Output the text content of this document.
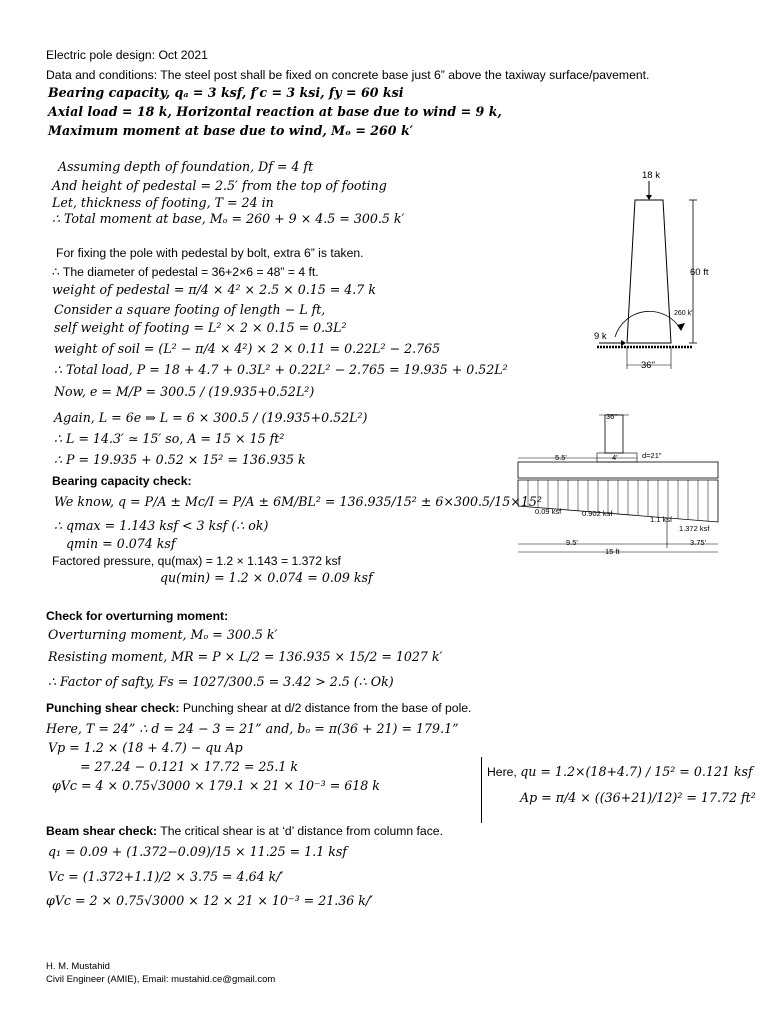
Electric pole design: Oct 2021
Data and conditions: The steel post shall be fixed on concrete base just 6” above the taxiway surface/pavement.
Bearing capacity, qₐ = 3 ksf, f′c = 3 ksi, fy = 60 ksi
Axial load = 18 k, Horizontal reaction at base due to wind = 9 k,
Maximum moment at base due to wind, Mₒ = 260 k′
Assuming depth of foundation, Df = 4 ft
And height of pedestal = 2.5′ from the top of footing
Let, thickness of footing, T = 24 in
∴ Total moment at base, Mₒ = 260 + 9 × 4.5 = 300.5 k′
For fixing the pole with pedestal by bolt, extra 6” is taken.
∴ The diameter of pedestal = 36+2×6 = 48” = 4 ft.
weight of pedestal = π/4 × 4² × 2.5 × 0.15 = 4.7 k
Consider a square footing of length − L ft,
self weight of footing = L² × 2 × 0.15 = 0.3L²
weight of soil = (L² − π/4 × 4²) × 2 × 0.11 = 0.22L² − 2.765
∴ Total load, P = 18 + 4.7 + 0.3L² + 0.22L² − 2.765 = 19.935 + 0.52L²
Now, e = M/P = 300.5 / (19.935+0.52L²)
Again, L = 6e ⇒ L = 6 × 300.5 / (19.935+0.52L²)
∴ L = 14.3′ ≃ 15′ so, A = 15 × 15 ft²
∴ P = 19.935 + 0.52 × 15² = 136.935 k
Bearing capacity check:
We know, q = P/A ± Mc/I = P/A ± 6M/BL² = 136.935/15² ± 6×300.5/15×15²
∴ qmax = 1.143 ksf < 3 ksf (∴ ok)
qmin = 0.074 ksf
Factored pressure, qu(max) = 1.2 × 1.143 = 1.372 ksf
qu(min) = 1.2 × 0.074 = 0.09 ksf
Check for overturning moment:
Overturning moment, Mₒ = 300.5 k′
Resisting moment, MR = P × L/2 = 136.935 × 15/2 = 1027 k′
∴ Factor of safty, Fs = 1027/300.5 = 3.42 > 2.5 (∴ Ok)
Punching shear check: Punching shear at d/2 distance from the base of pole.
Here, T = 24” ∴ d = 24 − 3 = 21” and, bₒ = π(36 + 21) = 179.1”
Vp = 1.2 × (18 + 4.7) − qu Ap
= 27.24 − 0.121 × 17.72 = 25.1 k
φVc = 4 × 0.75√3000 × 179.1 × 21 × 10⁻³ = 618 k
Here, qu = 1.2×(18+4.7) / 15² = 0.121 ksf
Ap = π/4 × ((36+21)/12)² = 17.72 ft²
Beam shear check: The critical shear is at ‘d’ distance from column face.
q₁ = 0.09 + (1.372−0.09)/15 × 11.25 = 1.1 ksf
Vc = (1.372+1.1)/2 × 3.75 = 4.64 k/′
φVc = 2 × 0.75√3000 × 12 × 21 × 10⁻³ = 21.36 k/′
H. M. Mustahid
Civil Engineer (AMIE), Email: mustahid.ce@gmail.com
18 k
60 ft
260 k'
9 k
36"
36"
5.5'	4'	d=21"
0.09 ksf	0.902 ksf
1.1 ksf
1.372 ksf
9.5'	3.75'
15 ft
